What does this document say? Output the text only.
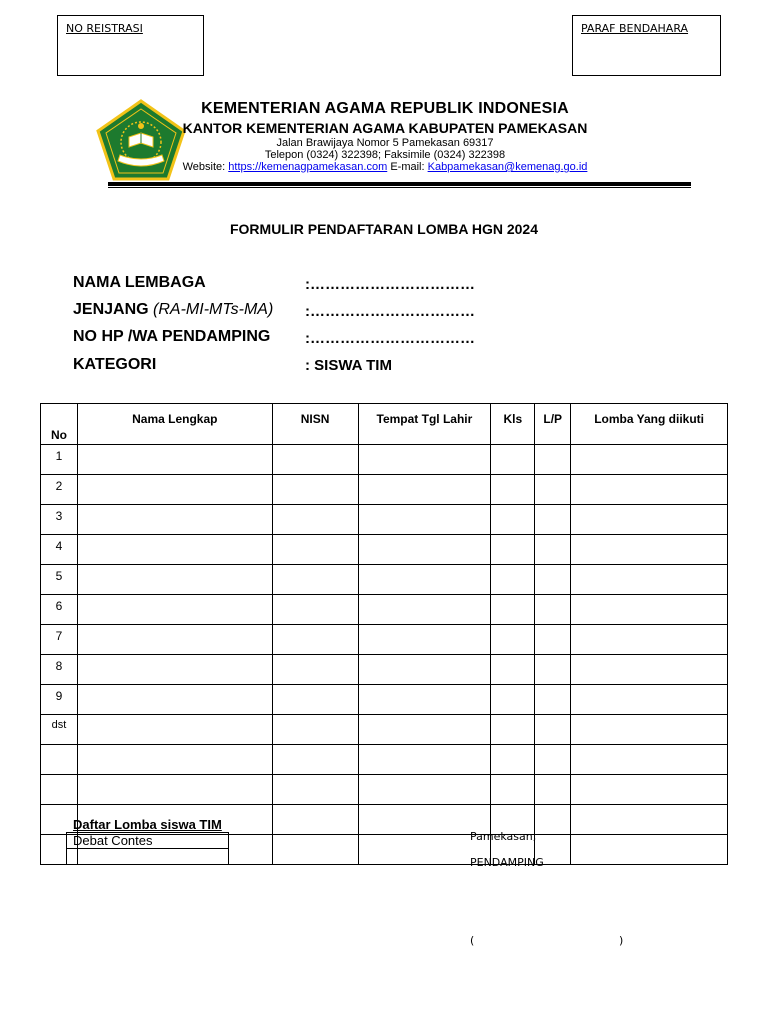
NO REISTRASI	PARAF BENDAHARA
KEMENTERIAN AGAMA REPUBLIK INDONESIA
KANTOR KEMENTERIAN AGAMA KABUPATEN PAMEKASAN
Jalan Brawijaya Nomor 5 Pamekasan 69317
Telepon (0324) 322398; Faksimile (0324) 322398
Website: https://kemenagpamekasan.com E-mail: Kabpamekasan@kemenag.go.id
FORMULIR PENDAFTARAN LOMBA HGN 2024
NAMA LEMBAGA	:……………………………
JENJANG (RA-MI-MTs-MA) :……………………………
NO HP /WA PENDAMPING :……………………………
KATEGORI	: SISWA TIM
No	Nama Lengkap	NISN	Tempat Tgl Lahir	Kls	L/P	Lomba Yang diikuti
1						
2						
3						
4						
5						
6						
7						
8						
9						
dst						

Daftar Lomba siswa TIM
Debat Contes	Pamekasan,
PENDAMPING
(	)
